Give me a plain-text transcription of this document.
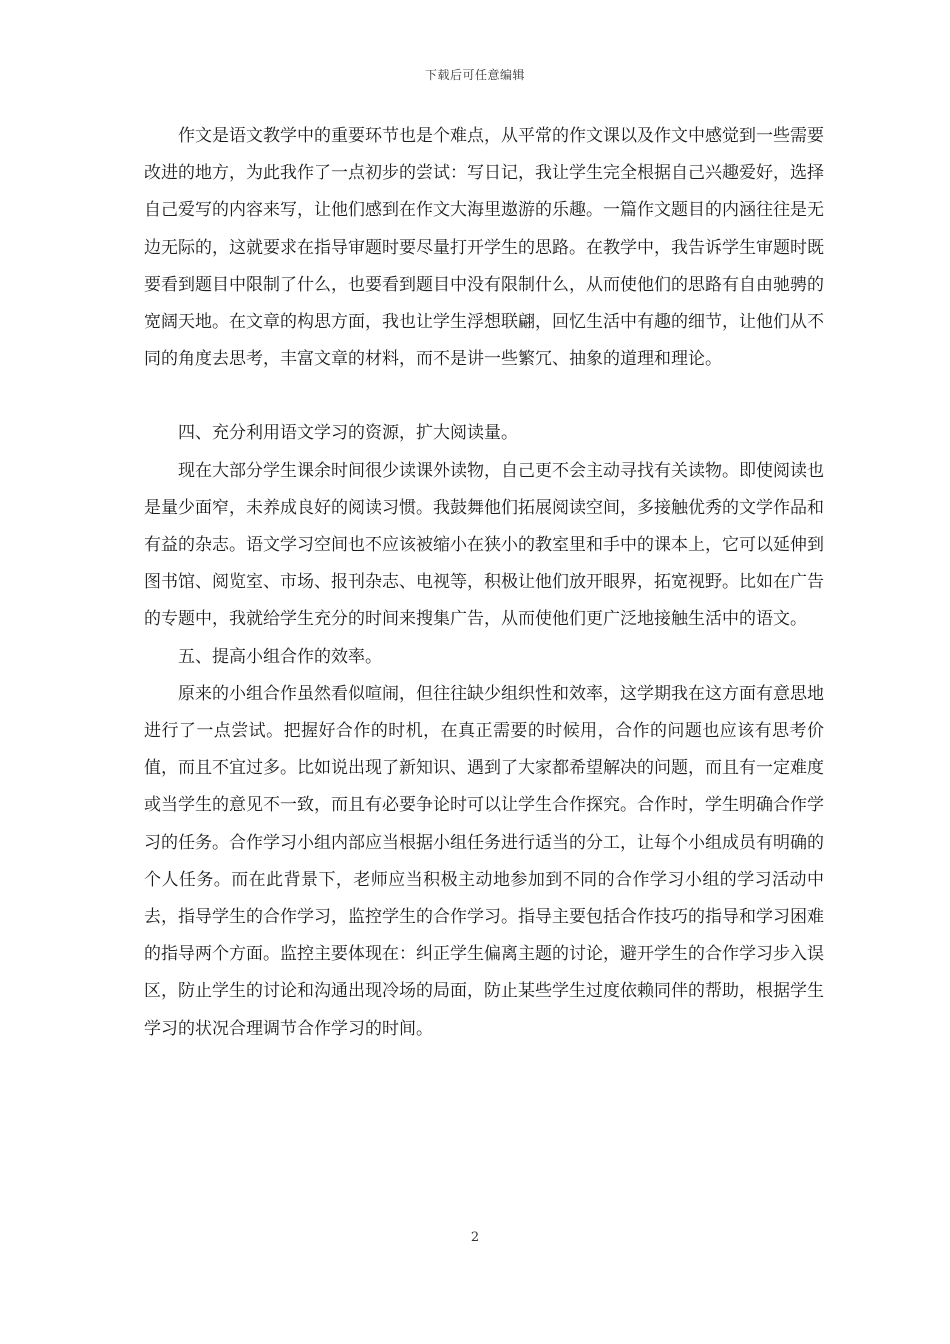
下载后可任意编辑

作文是语文教学中的重要环节也是个难点，从平常的作文课以及作文中感觉到一些需要改进的地方，为此我作了一点初步的尝试：写日记，我让学生完全根据自己兴趣爱好，选择自己爱写的内容来写，让他们感到在作文大海里遨游的乐趣。一篇作文题目的内涵往往是无边无际的，这就要求在指导审题时要尽量打开学生的思路。在教学中，我告诉学生审题时既要看到题目中限制了什么，也要看到题目中没有限制什么，从而使他们的思路有自由驰骋的宽阔天地。在文章的构思方面，我也让学生浮想联翩，回忆生活中有趣的细节，让他们从不同的角度去思考，丰富文章的材料，而不是讲一些繁冗、抽象的道理和理论。

四、充分利用语文学习的资源，扩大阅读量。

现在大部分学生课余时间很少读课外读物，自己更不会主动寻找有关读物。即使阅读也是量少面窄，未养成良好的阅读习惯。我鼓舞他们拓展阅读空间，多接触优秀的文学作品和有益的杂志。语文学习空间也不应该被缩小在狭小的教室里和手中的课本上，它可以延伸到图书馆、阅览室、市场、报刊杂志、电视等，积极让他们放开眼界，拓宽视野。比如在广告的专题中，我就给学生充分的时间来搜集广告，从而使他们更广泛地接触生活中的语文。

五、提高小组合作的效率。

原来的小组合作虽然看似喧闹，但往往缺少组织性和效率，这学期我在这方面有意思地进行了一点尝试。把握好合作的时机，在真正需要的时候用，合作的问题也应该有思考价值，而且不宜过多。比如说出现了新知识、遇到了大家都希望解决的问题，而且有一定难度或当学生的意见不一致，而且有必要争论时可以让学生合作探究。合作时，学生明确合作学习的任务。合作学习小组内部应当根据小组任务进行适当的分工，让每个小组成员有明确的个人任务。而在此背景下，老师应当积极主动地参加到不同的合作学习小组的学习活动中去，指导学生的合作学习，监控学生的合作学习。指导主要包括合作技巧的指导和学习困难的指导两个方面。监控主要体现在：纠正学生偏离主题的讨论，避开学生的合作学习步入误区，防止学生的讨论和沟通出现冷场的局面，防止某些学生过度依赖同伴的帮助，根据学生学习的状况合理调节合作学习的时间。

2
